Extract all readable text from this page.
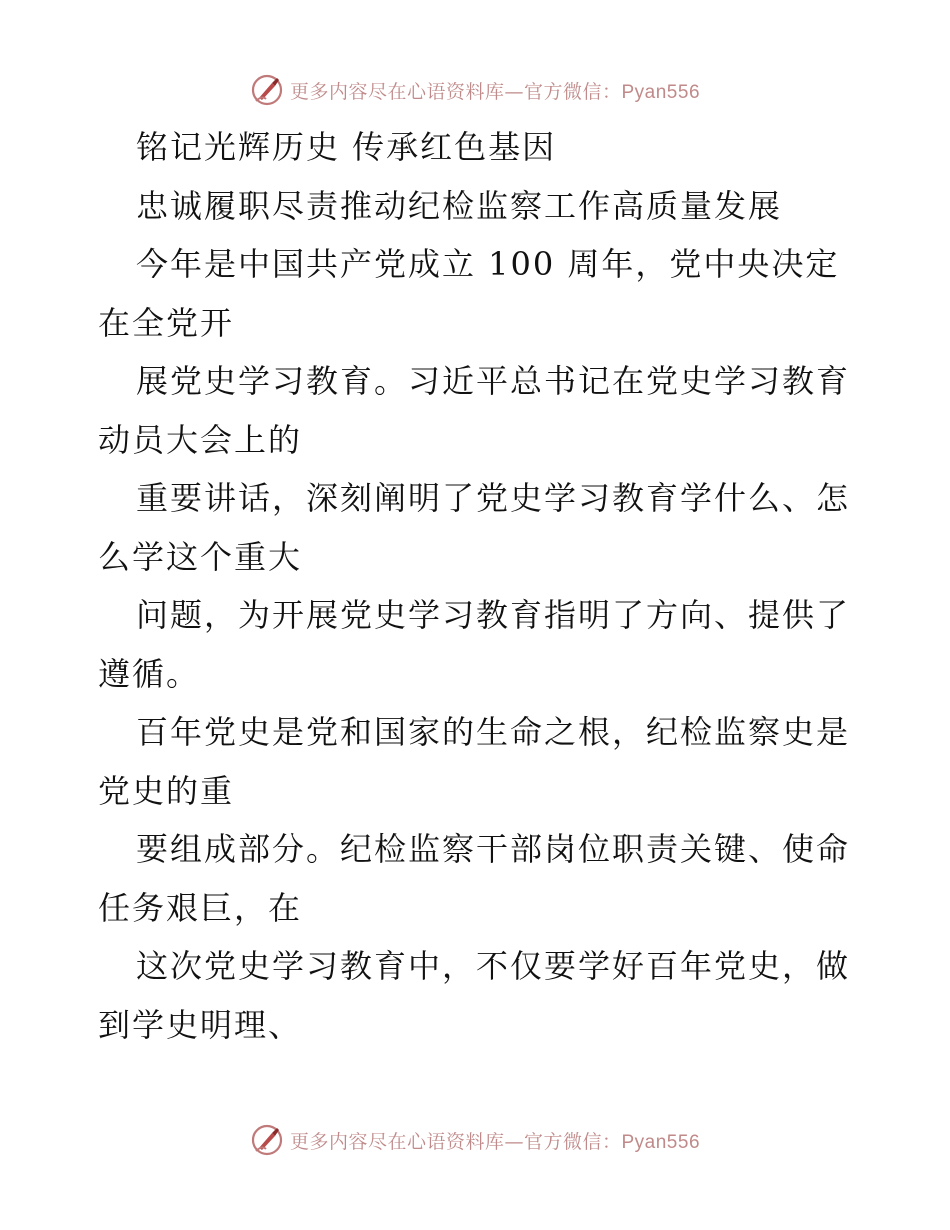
更多内容尽在心语资料库—官方微信：Pyan556
铭记光辉历史 传承红色基因
忠诚履职尽责推动纪检监察工作高质量发展
今年是中国共产党成立 100 周年，党中央决定
在全党开
展党史学习教育。习近平总书记在党史学习教育
动员大会上的
重要讲话，深刻阐明了党史学习教育学什么、怎
么学这个重大
问题，为开展党史学习教育指明了方向、提供了
遵循。
百年党史是党和国家的生命之根，纪检监察史是
党史的重
要组成部分。纪检监察干部岗位职责关键、使命
任务艰巨，在
这次党史学习教育中，不仅要学好百年党史，做
到学史明理、
更多内容尽在心语资料库—官方微信：Pyan556
